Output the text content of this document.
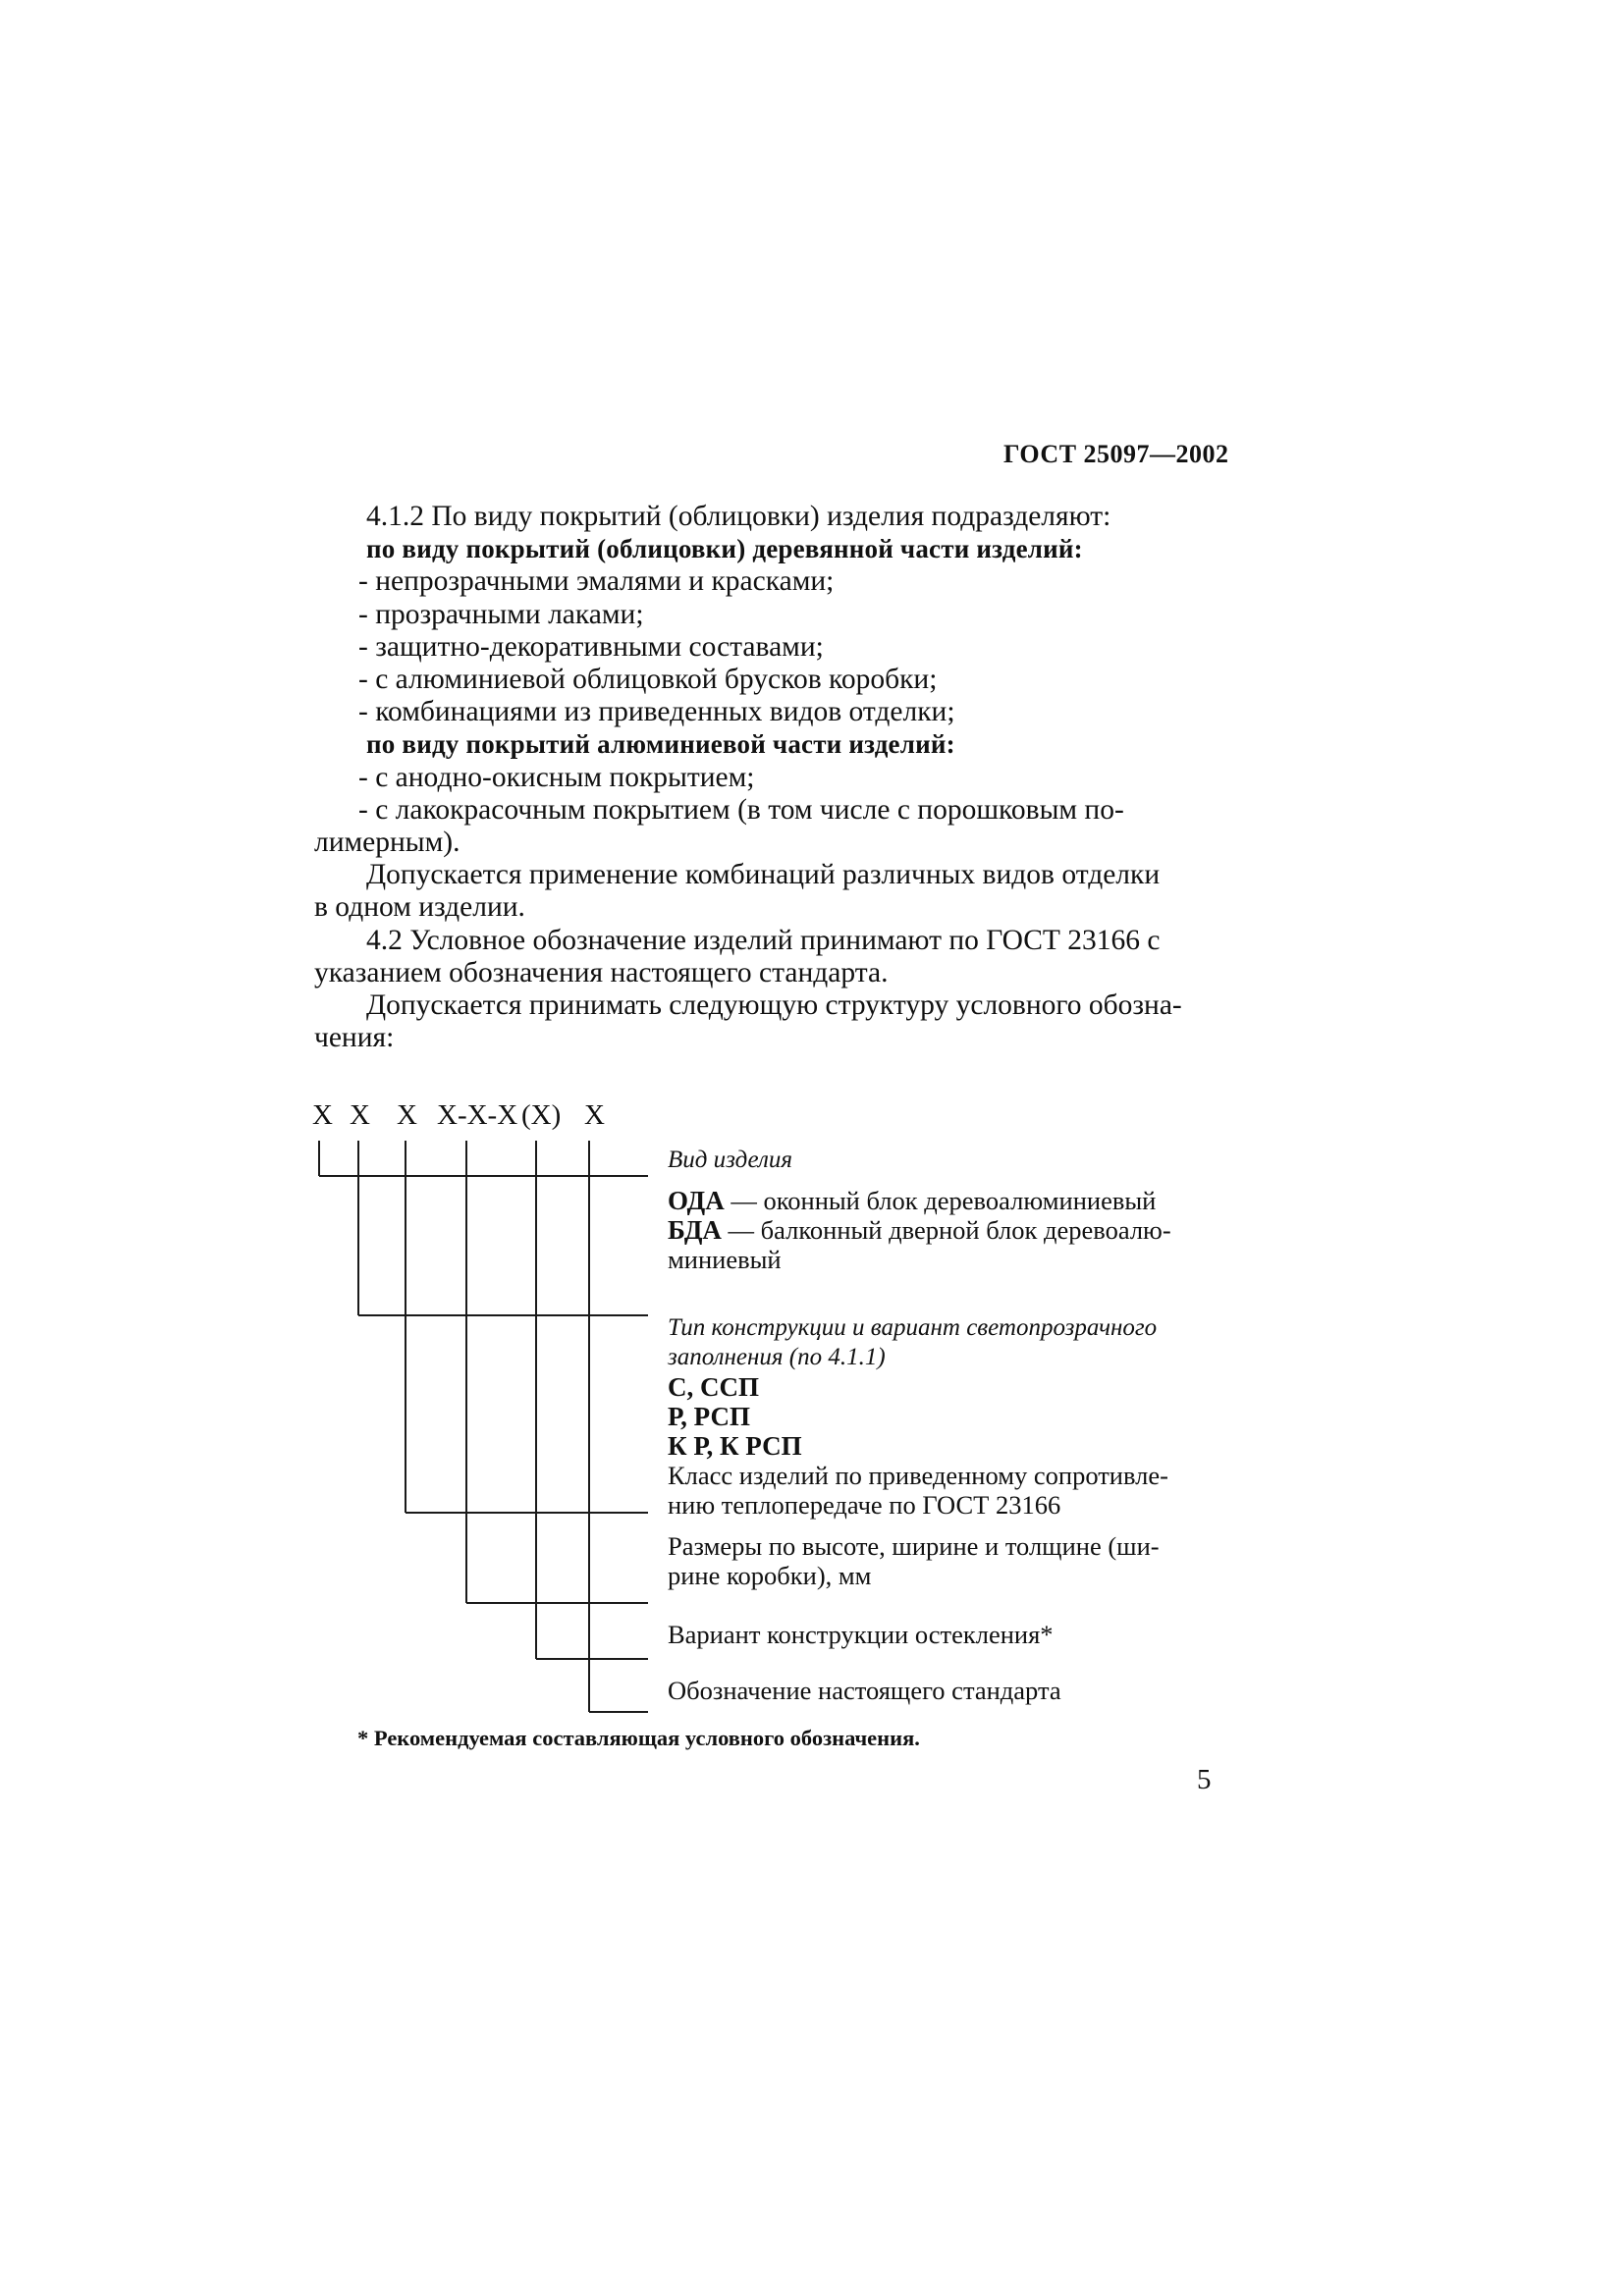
ГОСТ 25097—2002

4.1.2 По виду покрытий (облицовки) изделия подразделяют:

по виду покрытий (облицовки) деревянной части изделий:

- непрозрачными эмалями и красками;

- прозрачными лаками;

- защитно-декоративными составами;

- с алюминиевой облицовкой брусков коробки;

- комбинациями из приведенных видов отделки;

по виду покрытий алюминиевой части изделий:

- с анодно-окисным покрытием;

- с лакокрасочным покрытием (в том числе с порошковым по-

лимерным).

Допускается применение комбинаций различных видов отделки

в одном изделии.

4.2 Условное обозначение изделий принимают по ГОСТ 23166 с

указанием обозначения настоящего стандарта.

Допускается принимать следующую структуру условного обозна-

чения:

Х Х Х Х-Х-Х (Х) Х

Вид изделия

ОДА — оконный блок деревоалюминиевый

БДА — балконный дверной блок деревоалю-

миниевый

Тип конструкции и вариант светопрозрачного

заполнения (по 4.1.1)

С, ССП

Р, РСП

К Р, К РСП

Класс изделий по приведенному сопротивле-

нию теплопередаче по ГОСТ 23166

Размеры по высоте, ширине и толщине (ши-

рине коробки), мм

Вариант конструкции остекления*

Обозначение настоящего стандарта

* Рекомендуемая составляющая условного обозначения.
5
